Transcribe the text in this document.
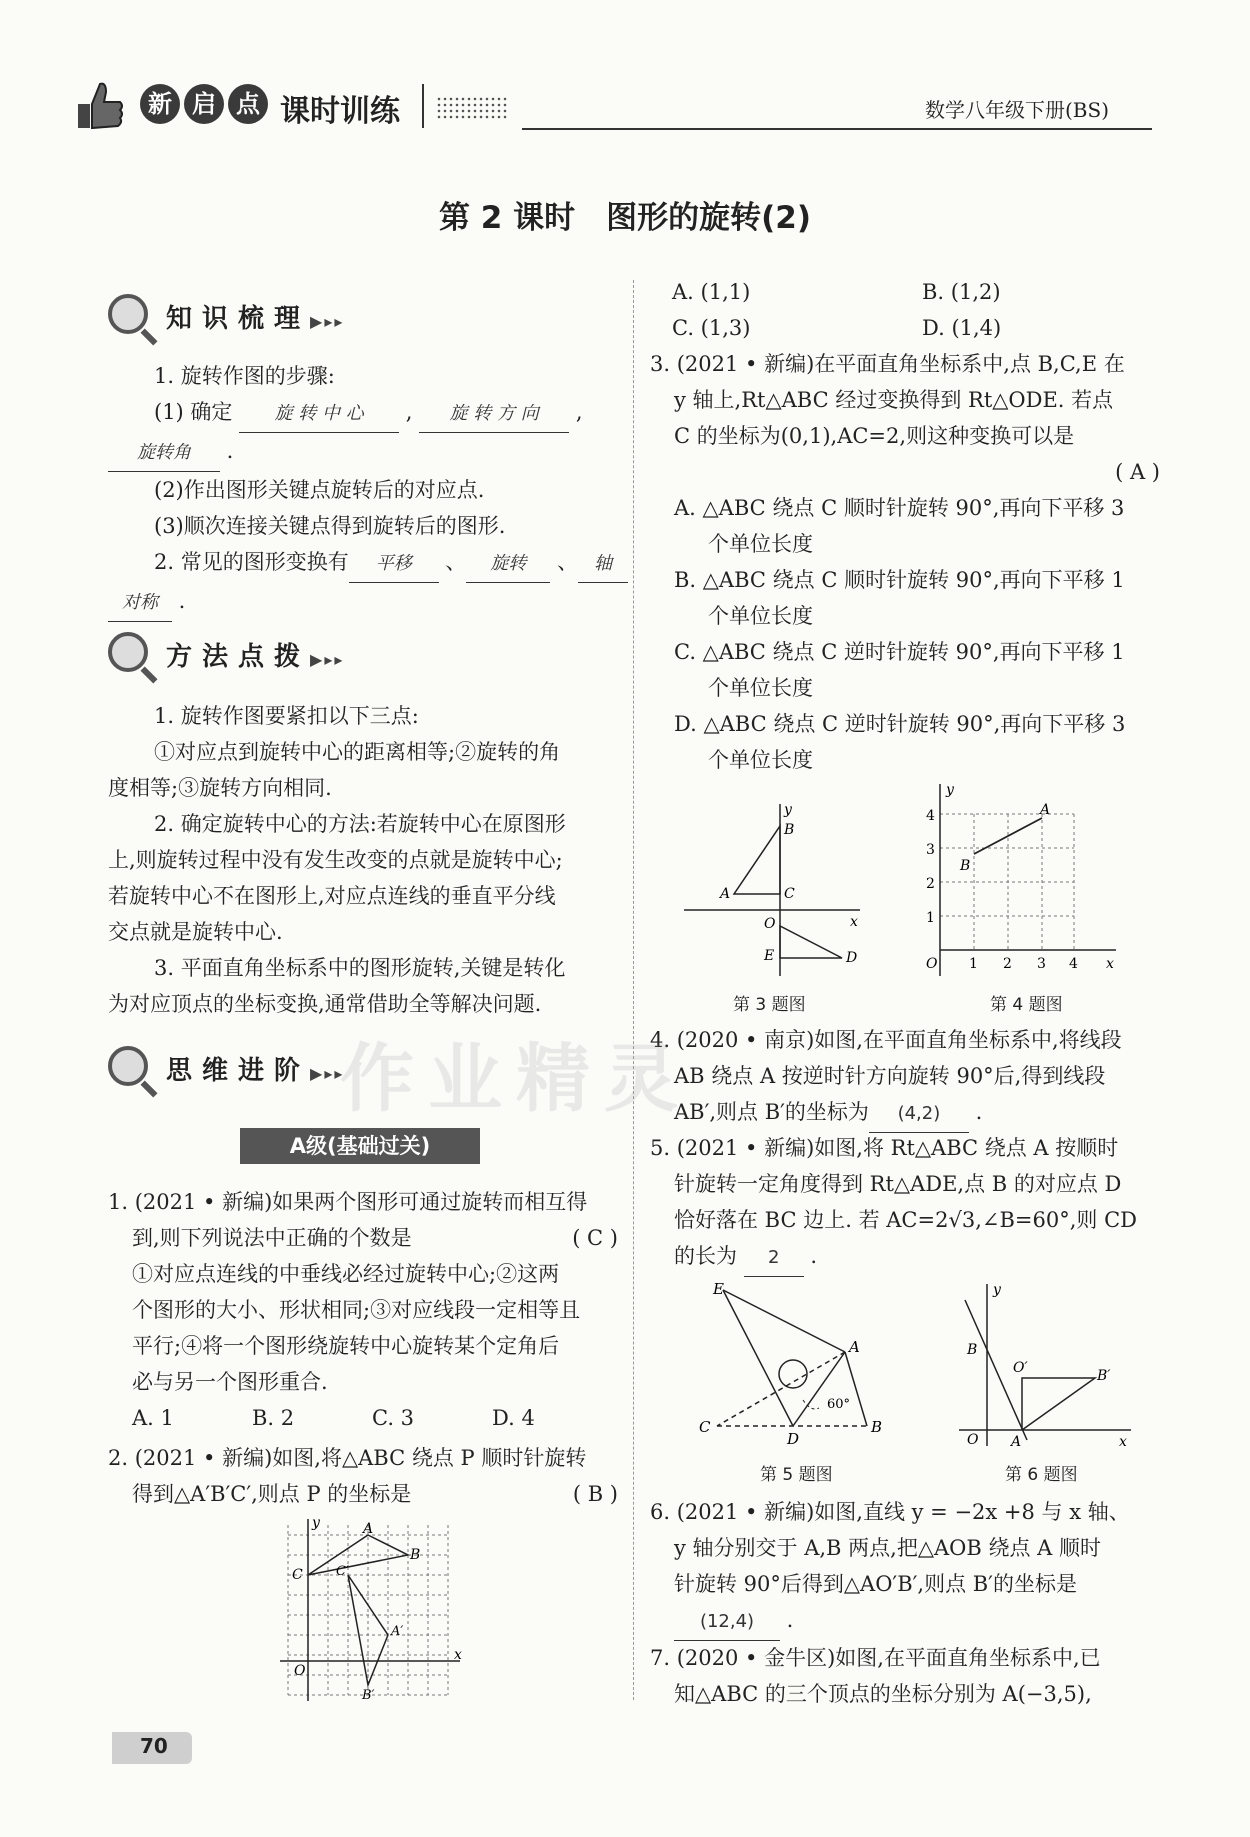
新 启 点 课时训练	数学八年级下册(BS)
第 2 课时　图形的旋转(2)
知识梳理▶▸▸
1. 旋转作图的步骤:
(1) 确定 旋 转 中 心 , 旋 转 方 向 ,
旋转角 .
(2)作出图形关键点旋转后的对应点.
(3)顺次连接关键点得到旋转后的图形.
2. 常见的图形变换有 平移 、 旋转 、 轴
对称 .
方法点拨▶▸▸
1. 旋转作图要紧扣以下三点:
①对应点到旋转中心的距离相等;②旋转的角
度相等;③旋转方向相同.
2. 确定旋转中心的方法:若旋转中心在原图形
上,则旋转过程中没有发生改变的点就是旋转中心;
若旋转中心不在图形上,对应点连线的垂直平分线
交点就是旋转中心.
3. 平面直角坐标系中的图形旋转,关键是转化
为对应顶点的坐标变换,通常借助全等解决问题.
思维进阶▶▸▸
A级(基础过关)
1. (2021 • 新编)如果两个图形可通过旋转而相互得
到,则下列说法中正确的个数是	( C )
①对应点连线的中垂线必经过旋转中心;②这两
个图形的大小、形状相同;③对应线段一定相等且
平行;④将一个图形绕旋转中心旋转某个定角后
必与另一个图形重合.
A. 1	B. 2	C. 3	D. 4
2. (2021 • 新编)如图,将△ABC 绕点 P 顺时针旋转
得到△A′B′C′,则点 P 的坐标是	( B )
y
x
O
A
B
C	C′
A′
B′
A. (1,1)	B. (1,2)
C. (1,3)	D. (1,4)
3. (2021 • 新编)在平面直角坐标系中,点 B,C,E 在
y 轴上,Rt△ABC 经过变换得到 Rt△ODE. 若点
C 的坐标为(0,1),AC=2,则这种变换可以是
( A )
A. △ABC 绕点 C 顺时针旋转 90°,再向下平移 3
个单位长度
B. △ABC 绕点 C 顺时针旋转 90°,再向下平移 1
个单位长度
C. △ABC 绕点 C 逆时针旋转 90°,再向下平移 1
个单位长度
D. △ABC 绕点 C 逆时针旋转 90°,再向下平移 3
个单位长度
y
B
A	C
O	x
E	D
第 3 题图
y
A
B
4
3
2
1
O 1 2 3 4 x
第 4 题图
4. (2020 • 南京)如图,在平面直角坐标系中,将线段
AB 绕点 A 按逆时针方向旋转 90°后,得到线段
AB′,则点 B′的坐标为 (4,2) .
5. (2021 • 新编)如图,将 Rt△ABC 绕点 A 按顺时
针旋转一定角度得到 Rt△ADE,点 B 的对应点 D
恰好落在 BC 边上. 若 AC=2√3,∠B=60°,则 CD
的长为 2 .
E
A
C
D
B
60°
第 5 题图
y
B
O′	B′
O A	x
第 6 题图
6. (2021 • 新编)如图,直线 y = −2x +8 与 x 轴、
y 轴分别交于 A,B 两点,把△AOB 绕点 A 顺时
针旋转 90°后得到△AO′B′,则点 B′的坐标是
(12,4) .
7. (2020 • 金牛区)如图,在平面直角坐标系中,已
知△ABC 的三个顶点的坐标分别为 A(−3,5),
作业精灵
70
